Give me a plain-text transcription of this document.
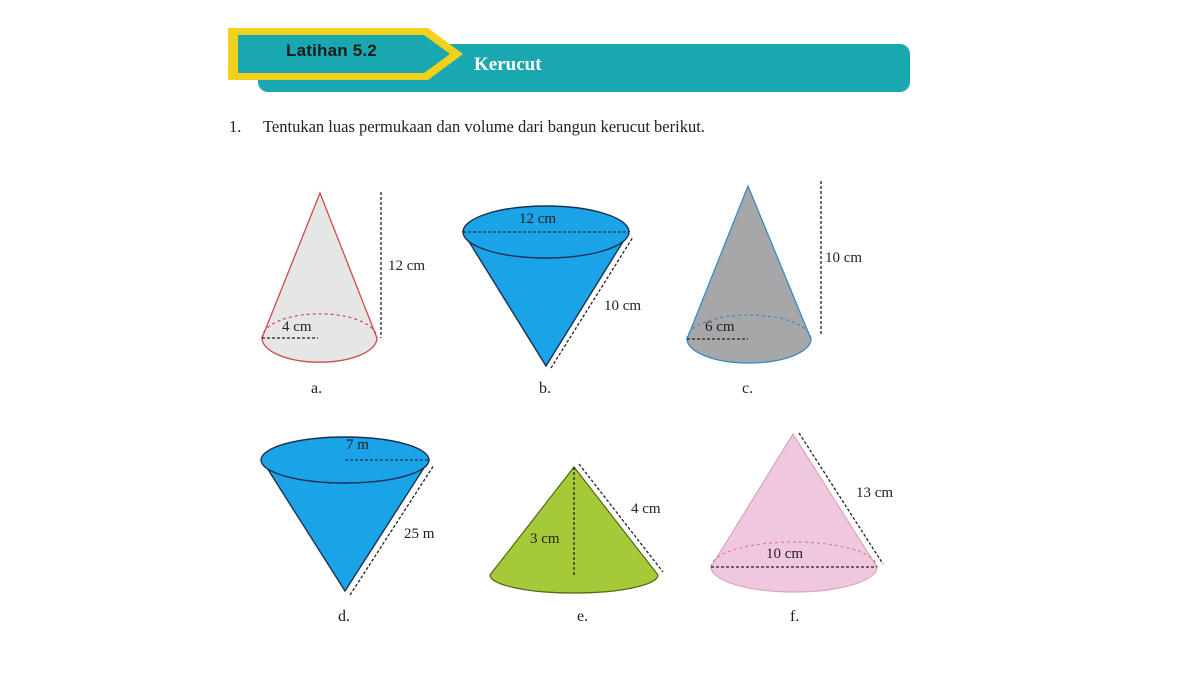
Latihan 5.2
Kerucut
1. Tentukan luas permukaan dan volume dari bangun kerucut berikut.
12 cm
4 cm
a.
12 cm
10 cm
b.
10 cm
6 cm
c.
7 m
25 m
d.
3 cm
4 cm
e.
10 cm
13 cm
f.
